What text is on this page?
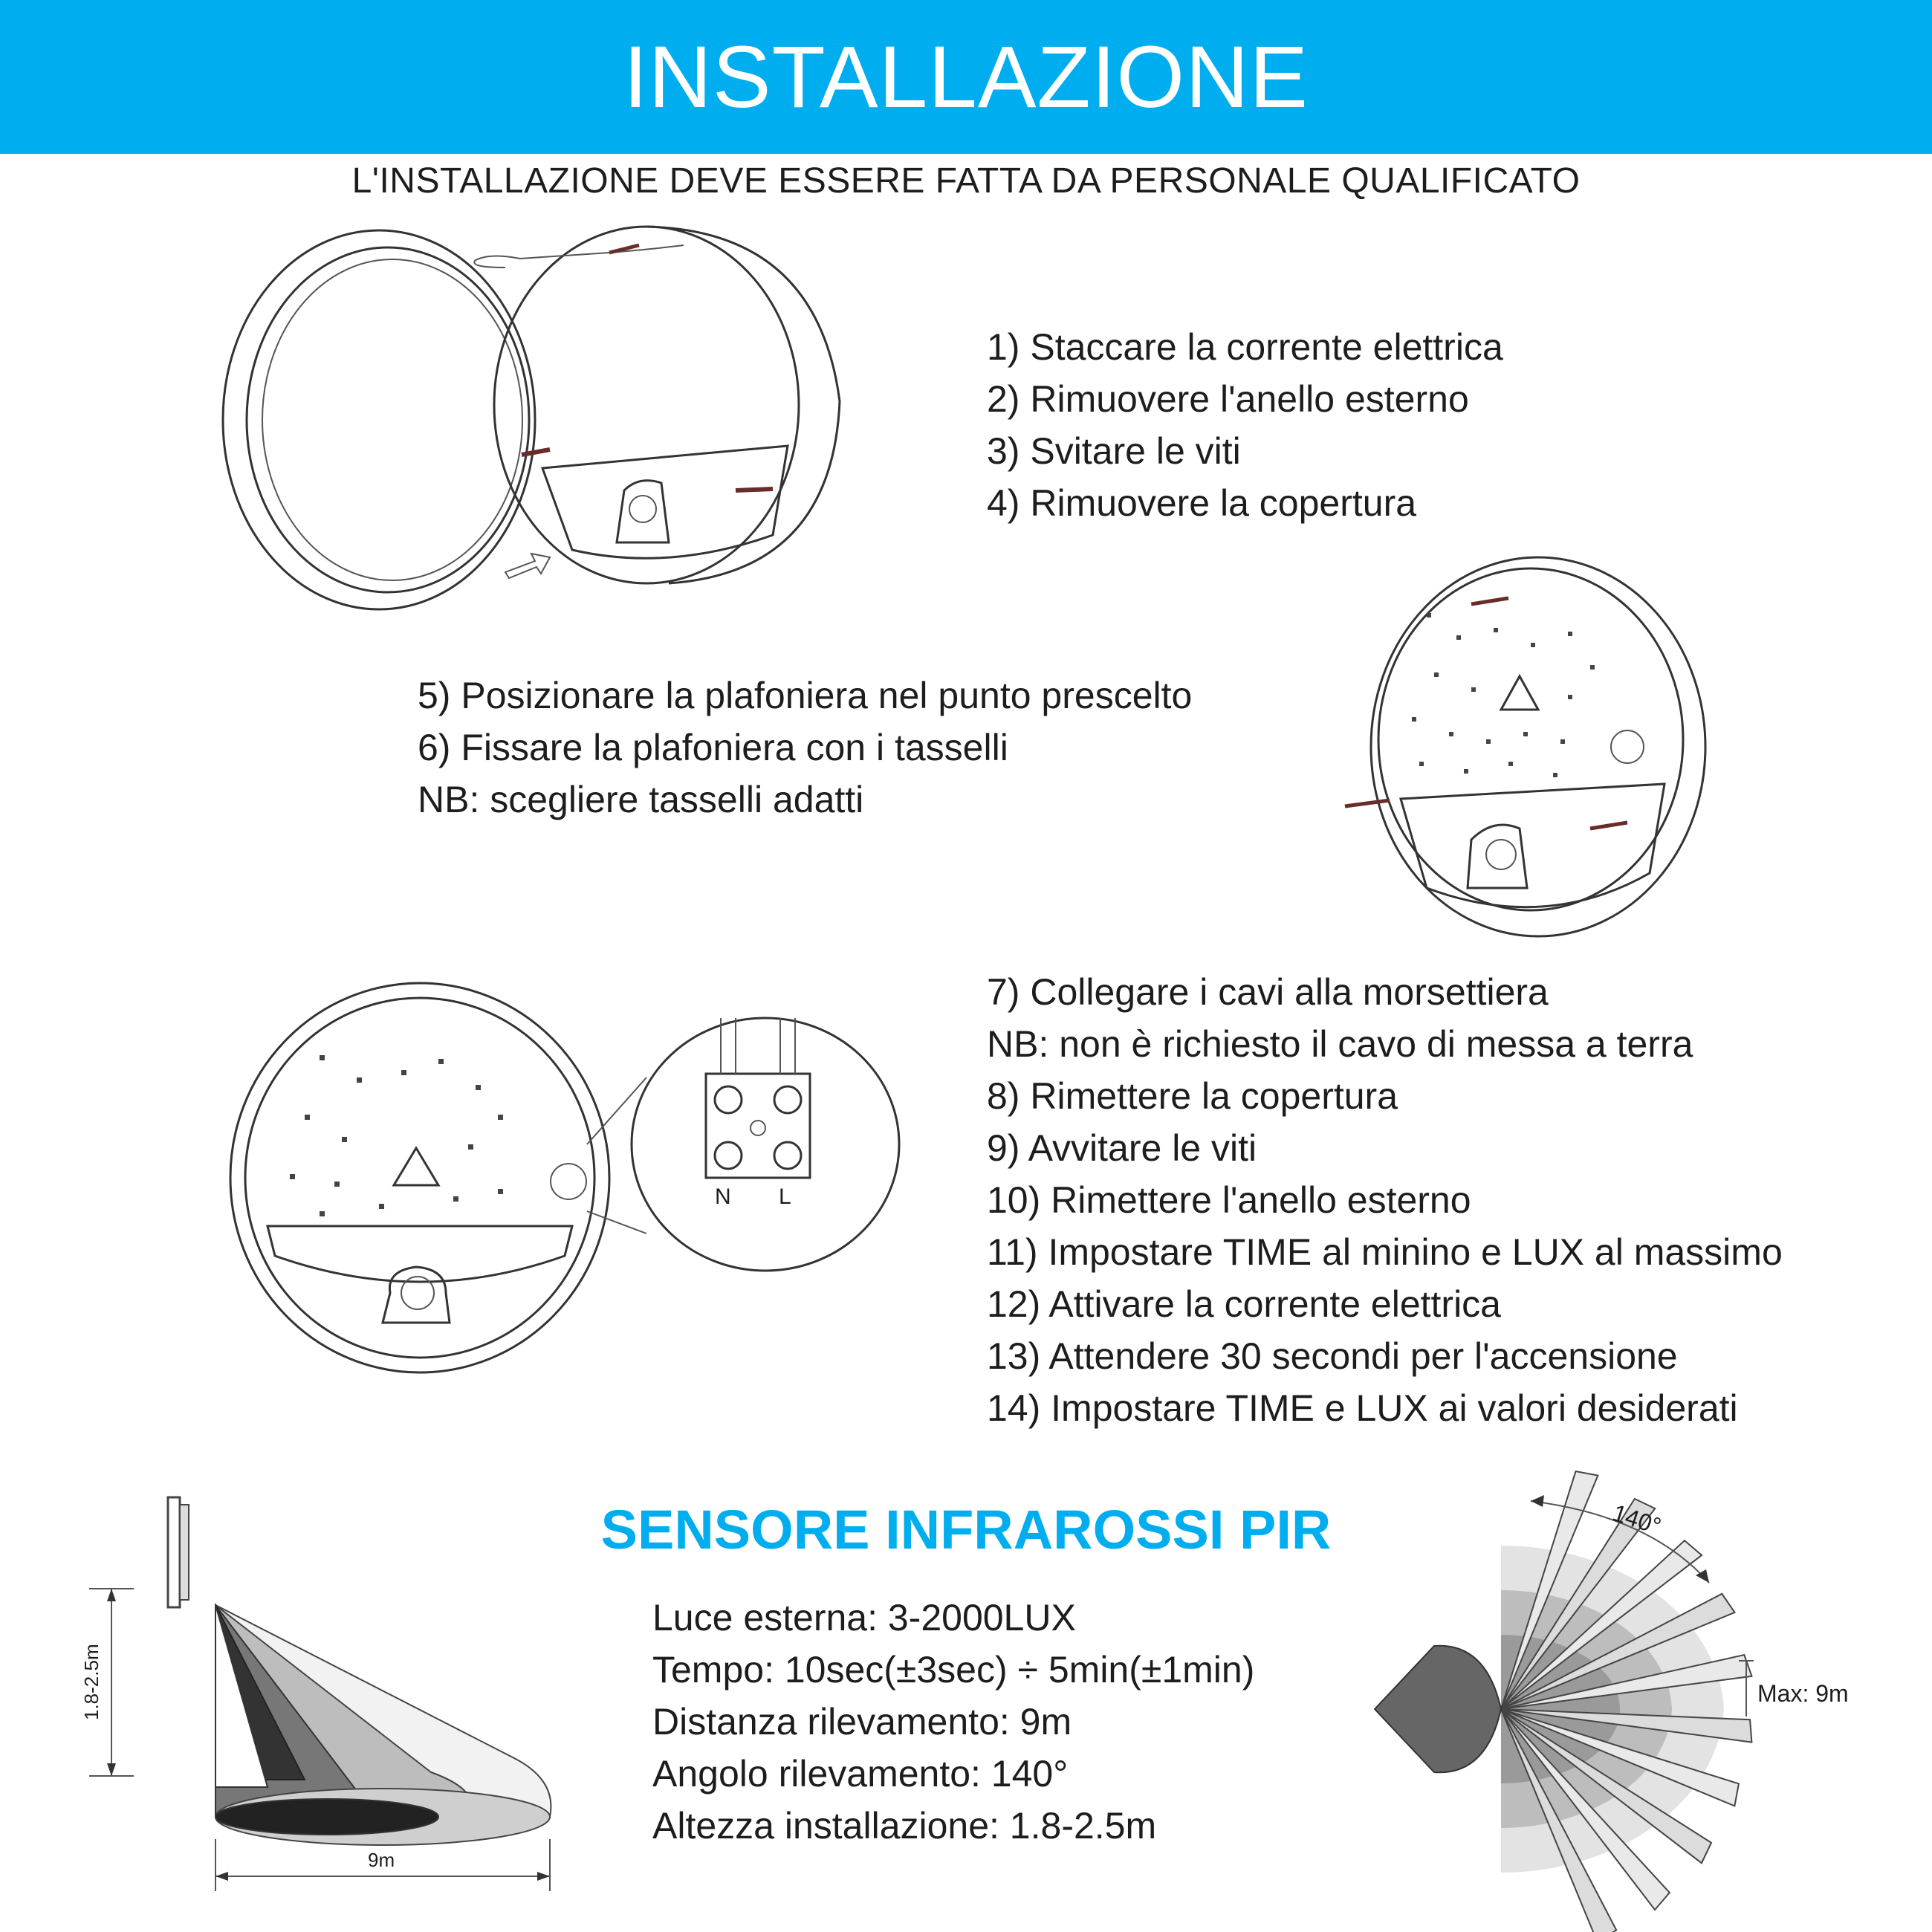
INSTALLAZIONE
L'INSTALLAZIONE DEVE ESSERE FATTA DA PERSONALE QUALIFICATO
N L
1) Staccare la corrente elettrica
2) Rimuovere l'anello esterno
3) Svitare le viti
4) Rimuovere la copertura
5) Posizionare la plafoniera nel punto prescelto
6) Fissare la plafoniera con i tasselli
NB: scegliere tasselli adatti
7) Collegare i cavi alla morsettiera
NB: non è richiesto il cavo di messa a terra
8) Rimettere la copertura
9) Avvitare le viti
10) Rimettere l'anello esterno
11) Impostare TIME al minino e LUX al massimo
12) Attivare la corrente elettrica
13) Attendere 30 secondi per l'accensione
14) Impostare TIME e LUX ai valori desiderati
SENSORE INFRAROSSI PIR
1.8-2.5m
9m
Luce esterna: 3-2000LUX
Tempo: 10sec(±3sec) ÷ 5min(±1min)
Distanza rilevamento: 9m
Angolo rilevamento: 140°
Altezza installazione: 1.8-2.5m
140°
Max: 9m
